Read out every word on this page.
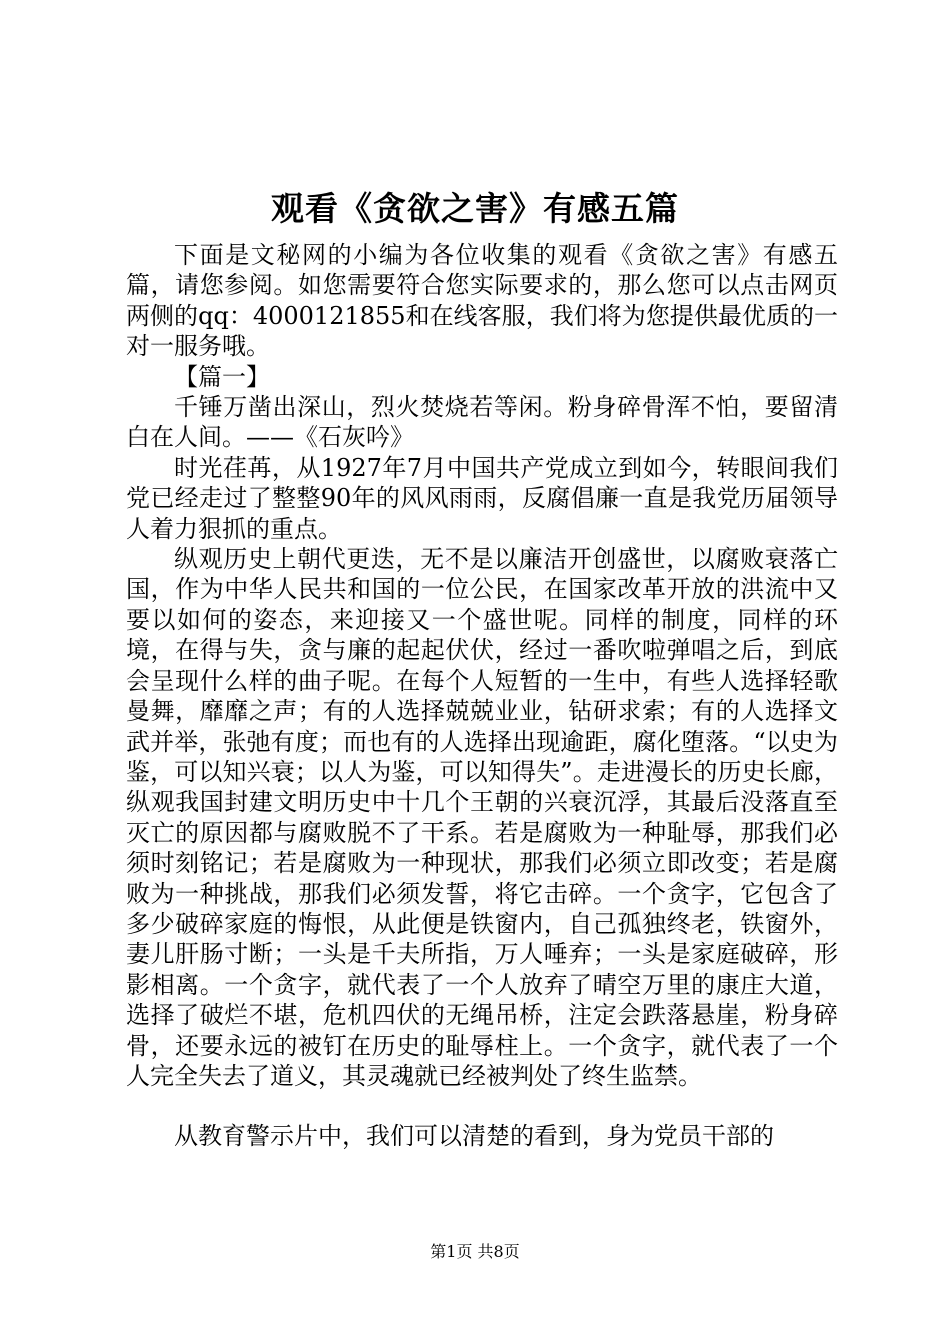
观看《贪欲之害》有感五篇

下面是文秘网的小编为各位收集的观看《贪欲之害》有感五篇，请您参阅。如您需要符合您实际要求的，那么您可以点击网页两侧的qq：4000121855和在线客服，我们将为您提供最优质的一对一服务哦。

【篇一】

千锤万凿出深山，烈火焚烧若等闲。粉身碎骨浑不怕，要留清白在人间。——《石灰吟》

时光荏苒，从1927年7月中国共产党成立到如今，转眼间我们党已经走过了整整90年的风风雨雨，反腐倡廉一直是我党历届领导人着力狠抓的重点。

纵观历史上朝代更迭，无不是以廉洁开创盛世，以腐败衰落亡国，作为中华人民共和国的一位公民，在国家改革开放的洪流中又要以如何的姿态，来迎接又一个盛世呢。同样的制度，同样的环境，在得与失，贪与廉的起起伏伏，经过一番吹啦弹唱之后，到底会呈现什么样的曲子呢。在每个人短暂的一生中，有些人选择轻歌曼舞，靡靡之声；有的人选择兢兢业业，钻研求索；有的人选择文武并举，张弛有度；而也有的人选择出现逾距，腐化堕落。“以史为鉴，可以知兴衰；以人为鉴，可以知得失”。走进漫长的历史长廊，纵观我国封建文明历史中十几个王朝的兴衰沉浮，其最后没落直至灭亡的原因都与腐败脱不了干系。若是腐败为一种耻辱，那我们必须时刻铭记；若是腐败为一种现状，那我们必须立即改变；若是腐败为一种挑战，那我们必须发誓，将它击碎。一个贪字，它包含了多少破碎家庭的悔恨，从此便是铁窗内，自己孤独终老，铁窗外，妻儿肝肠寸断；一头是千夫所指，万人唾弃；一头是家庭破碎，形影相离。一个贪字，就代表了一个人放弃了晴空万里的康庄大道，选择了破烂不堪，危机四伏的无绳吊桥，注定会跌落悬崖，粉身碎骨，还要永远的被钉在历史的耻辱柱上。一个贪字，就代表了一个人完全失去了道义，其灵魂就已经被判处了终生监禁。

从教育警示片中，我们可以清楚的看到，身为党员干部的

第1页 共8页
